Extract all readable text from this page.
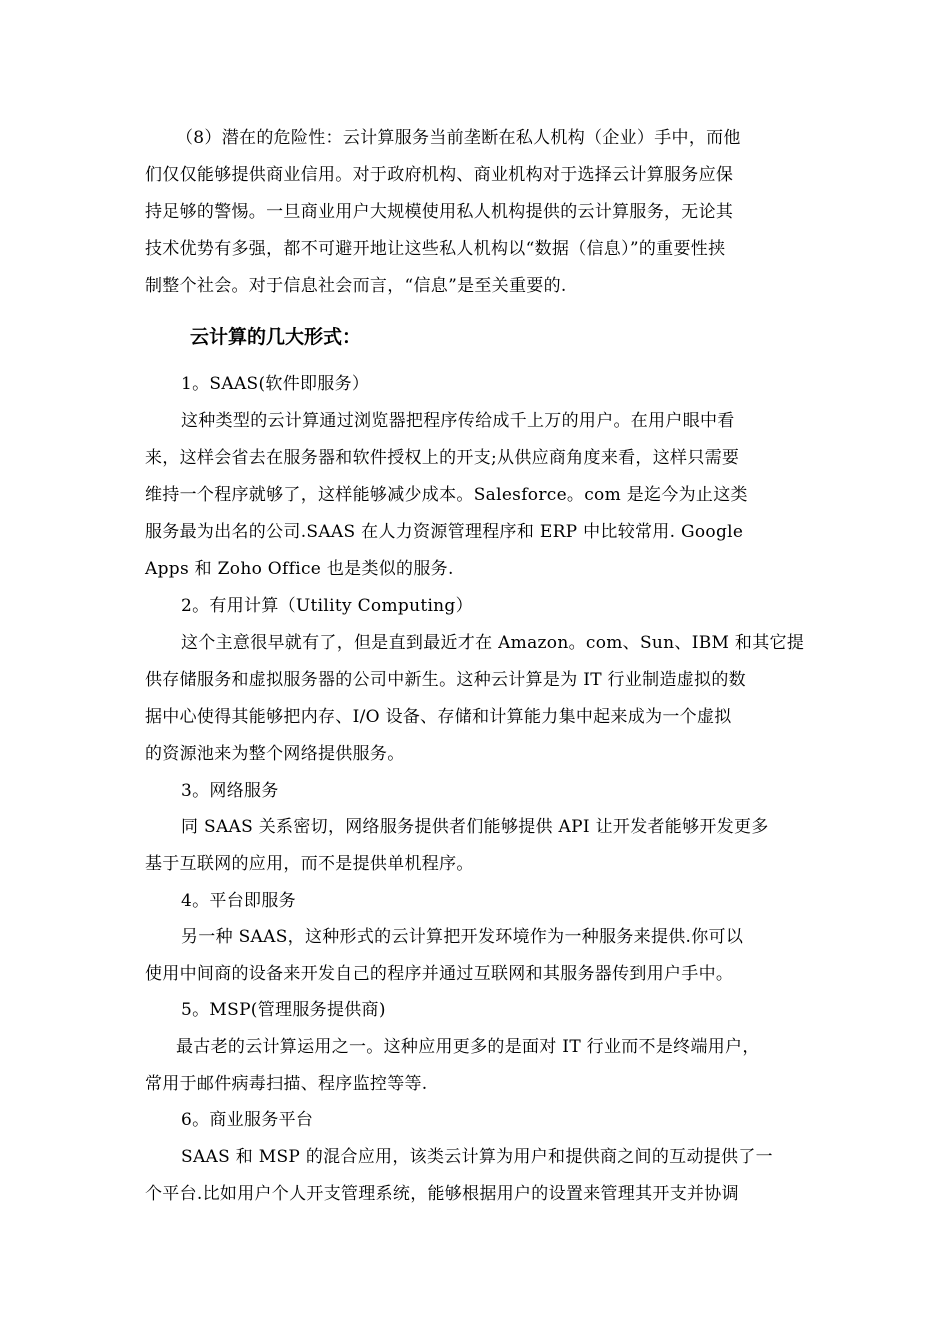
（8）潜在的危险性：云计算服务当前垄断在私人机构（企业）手中，而他
们仅仅能够提供商业信用。对于政府机构、商业机构对于选择云计算服务应保
持足够的警惕。一旦商业用户大规模使用私人机构提供的云计算服务，无论其
技术优势有多强，都不可避开地让这些私人机构以“数据（信息）”的重要性挟
制整个社会。对于信息社会而言，“信息”是至关重要的.
云计算的几大形式：
1。SAAS(软件即服务）
这种类型的云计算通过浏览器把程序传给成千上万的用户。在用户眼中看
来，这样会省去在服务器和软件授权上的开支;从供应商角度来看，这样只需要
维持一个程序就够了，这样能够减少成本。Salesforce。com 是迄今为止这类
服务最为出名的公司.SAAS 在人力资源管理程序和 ERP 中比较常用. Google
Apps 和 Zoho Office 也是类似的服务.
2。有用计算（Utility Computing）
这个主意很早就有了，但是直到最近才在 Amazon。com、Sun、IBM 和其它提
供存储服务和虚拟服务器的公司中新生。这种云计算是为 IT 行业制造虚拟的数
据中心使得其能够把内存、I/O 设备、存储和计算能力集中起来成为一个虚拟
的资源池来为整个网络提供服务。
3。网络服务
同 SAAS 关系密切，网络服务提供者们能够提供 API 让开发者能够开发更多
基于互联网的应用，而不是提供单机程序。
4。平台即服务
另一种 SAAS，这种形式的云计算把开发环境作为一种服务来提供.你可以
使用中间商的设备来开发自己的程序并通过互联网和其服务器传到用户手中。
5。MSP(管理服务提供商)
最古老的云计算运用之一。这种应用更多的是面对 IT 行业而不是终端用户，
常用于邮件病毒扫描、程序监控等等.
6。商业服务平台
SAAS 和 MSP 的混合应用，该类云计算为用户和提供商之间的互动提供了一
个平台.比如用户个人开支管理系统，能够根据用户的设置来管理其开支并协调
